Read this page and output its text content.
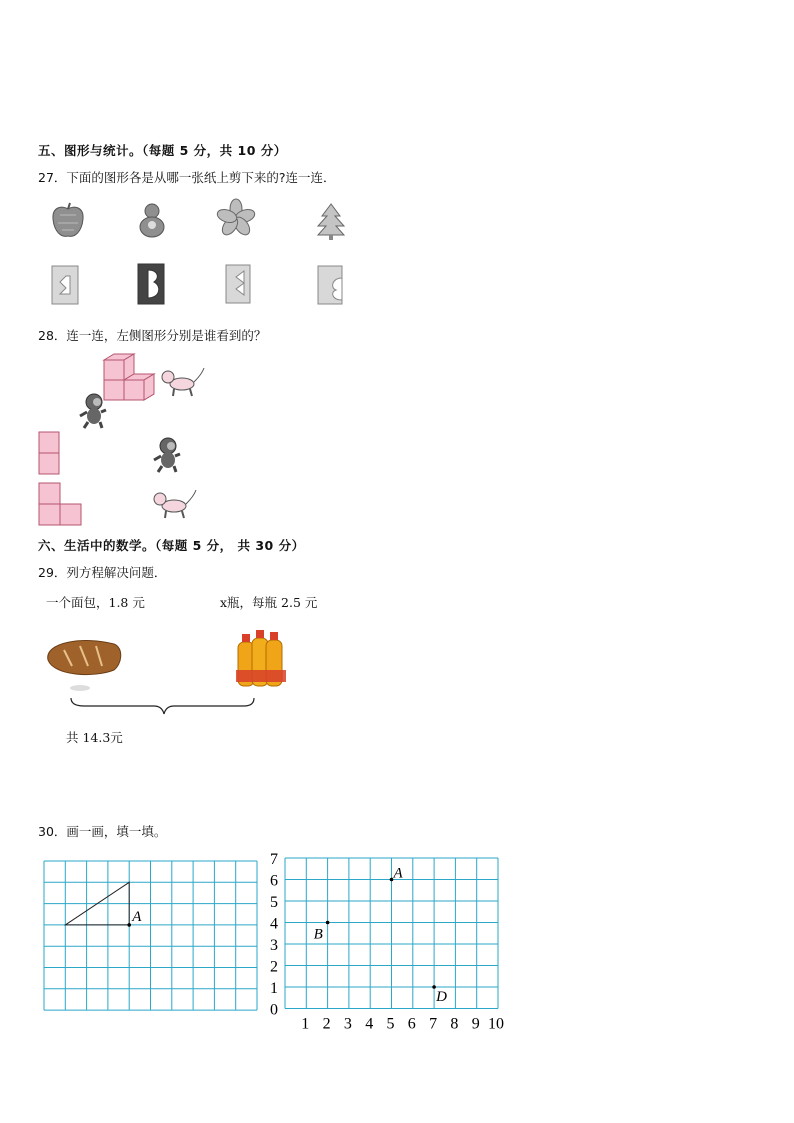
五、图形与统计。（每题 5 分，共 10 分）
27．下面的图形各是从哪一张纸上剪下来的?连一连．
28．连一连，左侧图形分别是谁看到的？
六、生活中的数学。（每题 5 分， 共 30 分）
29．列方程解决问题．
一个面包，1.8 元	x瓶，每瓶 2.5 元
共 14.3元
30．画一画，填一填。
A
0
1
2
3
4
5
6
7
1 2 3 4 5 6 7 8 9 10
A
B
D
